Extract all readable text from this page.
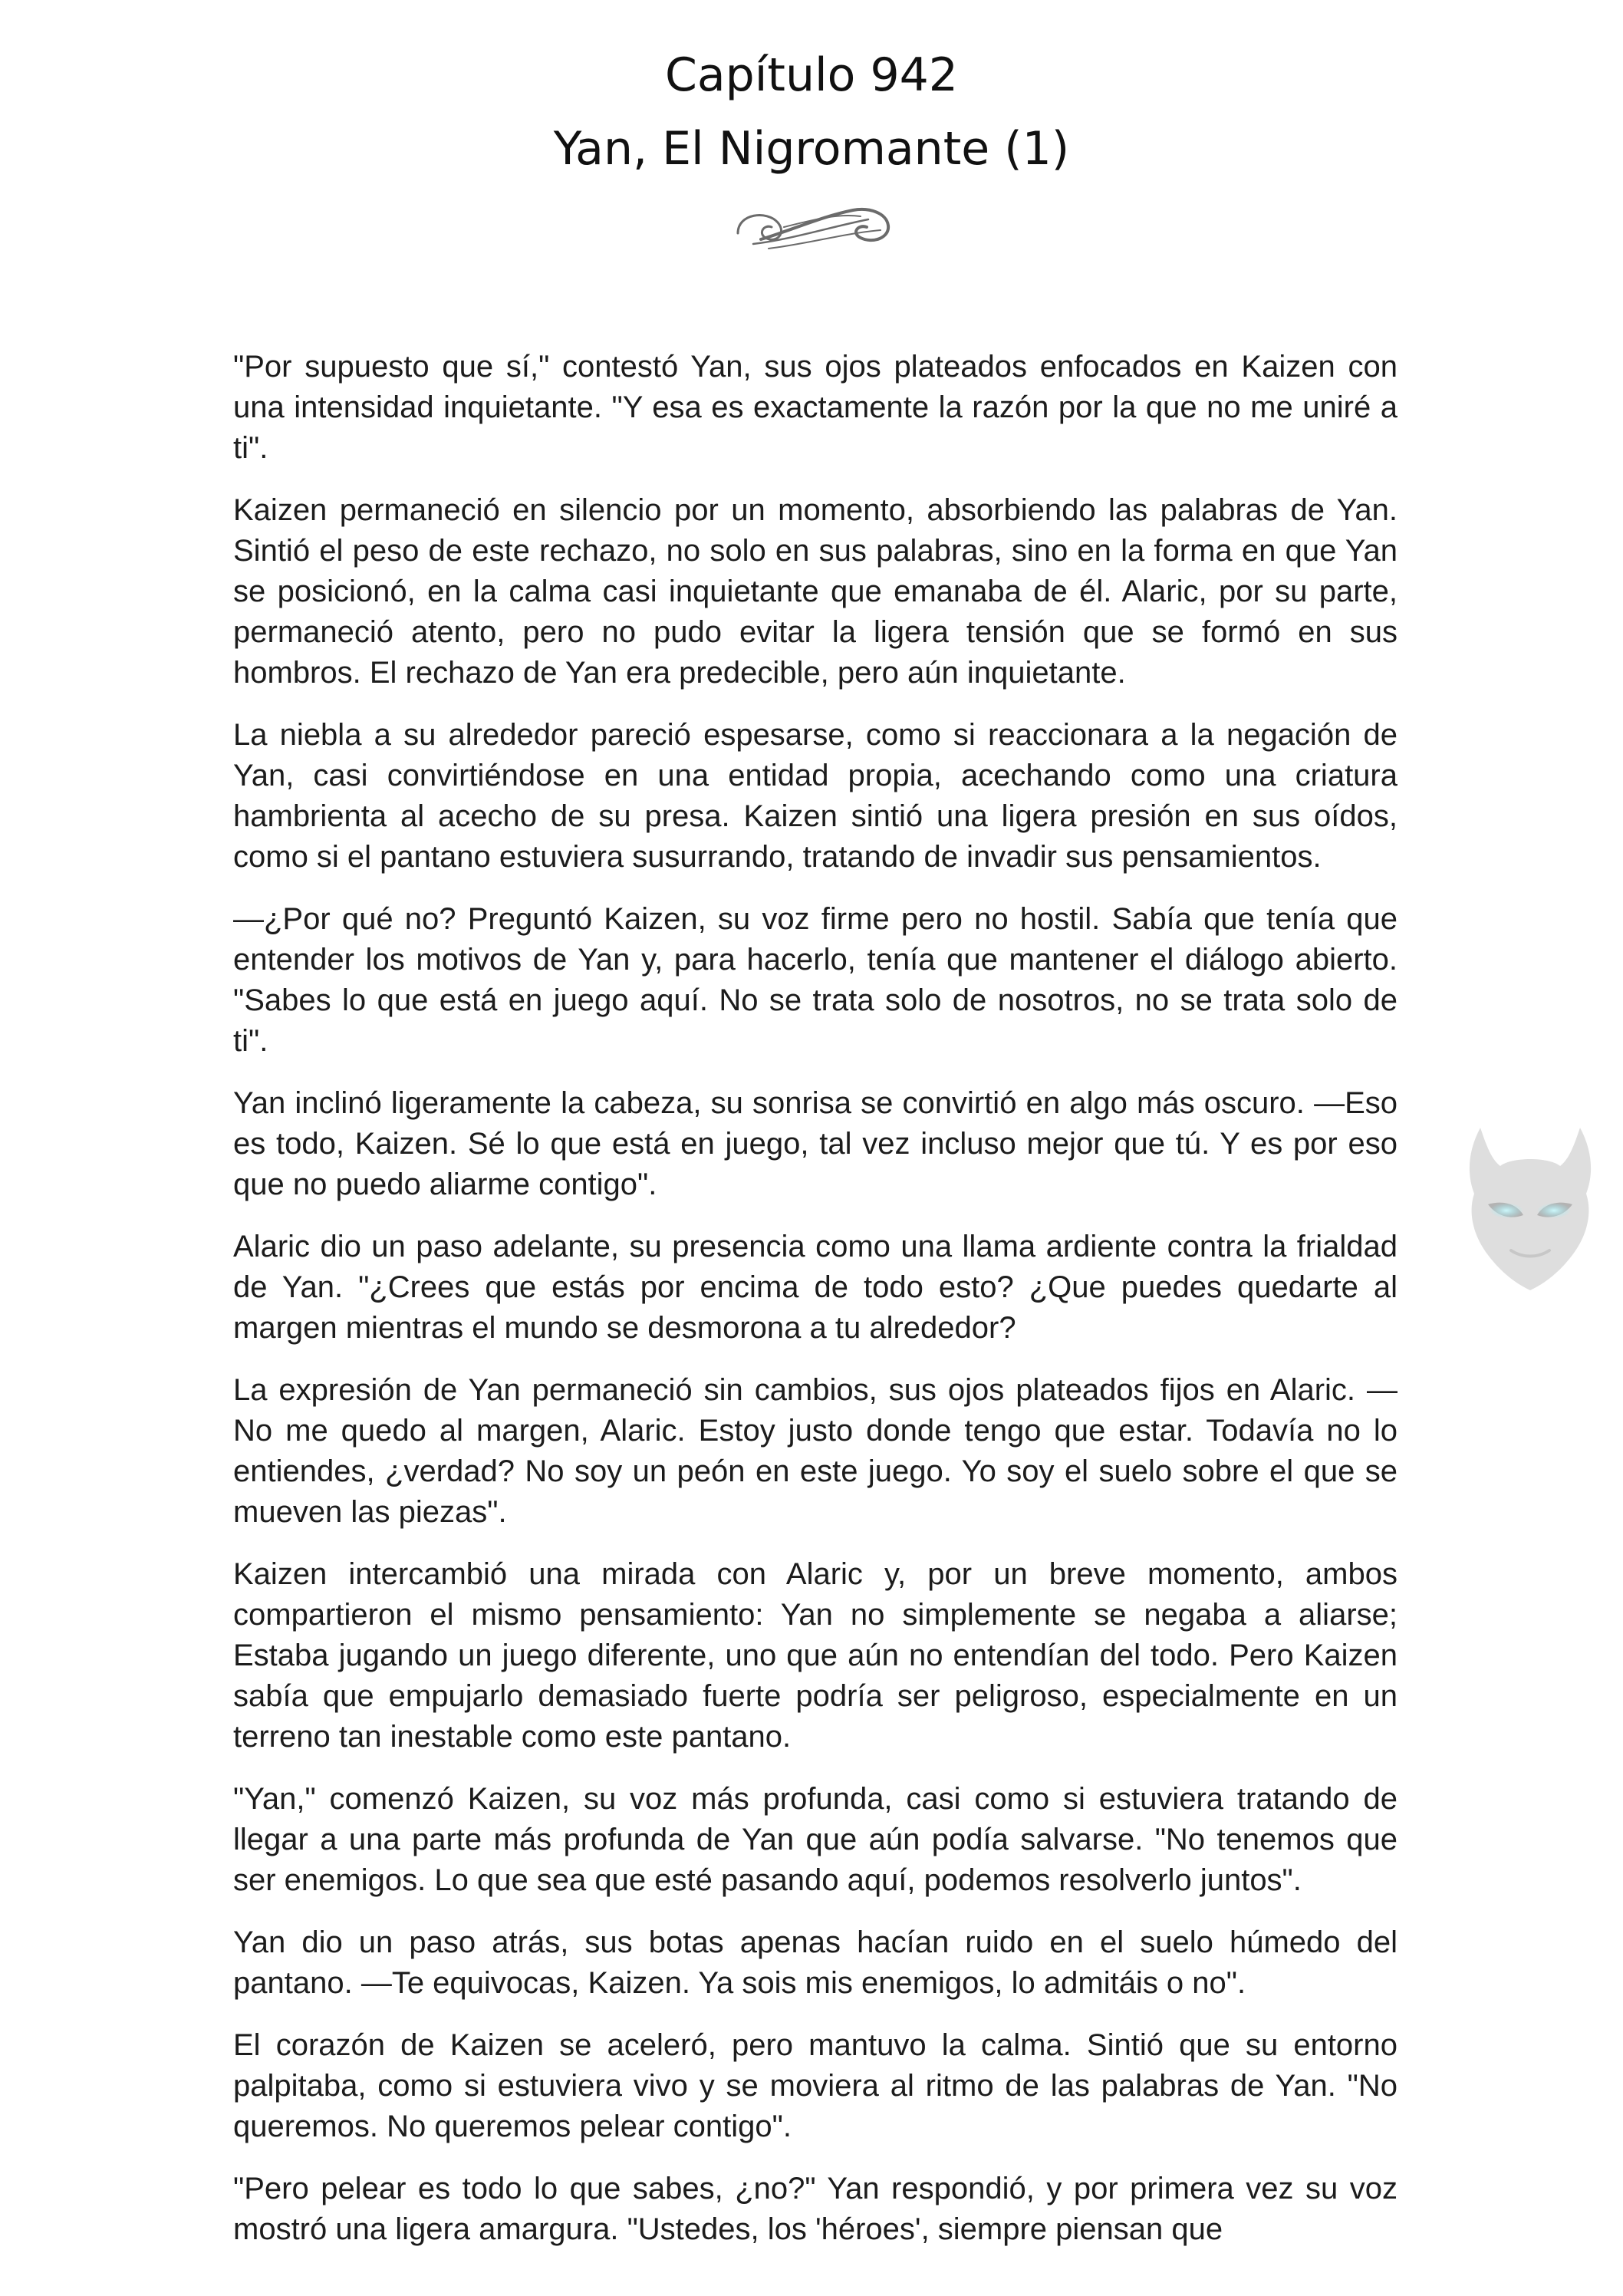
Capítulo 942
Yan, El Nigromante (1)

"Por supuesto que sí," contestó Yan, sus ojos plateados enfocados en Kaizen con una intensidad inquietante. "Y esa es exactamente la razón por la que no me uniré a ti".

Kaizen permaneció en silencio por un momento, absorbiendo las palabras de Yan. Sintió el peso de este rechazo, no solo en sus palabras, sino en la forma en que Yan se posicionó, en la calma casi inquietante que emanaba de él. Alaric, por su parte, permaneció atento, pero no pudo evitar la ligera tensión que se formó en sus hombros. El rechazo de Yan era predecible, pero aún inquietante.

La niebla a su alrededor pareció espesarse, como si reaccionara a la negación de Yan, casi convirtiéndose en una entidad propia, acechando como una criatura hambrienta al acecho de su presa. Kaizen sintió una ligera presión en sus oídos, como si el pantano estuviera susurrando, tratando de invadir sus pensamientos.

—¿Por qué no? Preguntó Kaizen, su voz firme pero no hostil. Sabía que tenía que entender los motivos de Yan y, para hacerlo, tenía que mantener el diálogo abierto. "Sabes lo que está en juego aquí. No se trata solo de nosotros, no se trata solo de ti".

Yan inclinó ligeramente la cabeza, su sonrisa se convirtió en algo más oscuro. —Eso es todo, Kaizen. Sé lo que está en juego, tal vez incluso mejor que tú. Y es por eso que no puedo aliarme contigo".

Alaric dio un paso adelante, su presencia como una llama ardiente contra la frialdad de Yan. "¿Crees que estás por encima de todo esto? ¿Que puedes quedarte al margen mientras el mundo se desmorona a tu alrededor?

La expresión de Yan permaneció sin cambios, sus ojos plateados fijos en Alaric. —No me quedo al margen, Alaric. Estoy justo donde tengo que estar. Todavía no lo entiendes, ¿verdad? No soy un peón en este juego. Yo soy el suelo sobre el que se mueven las piezas".

Kaizen intercambió una mirada con Alaric y, por un breve momento, ambos compartieron el mismo pensamiento: Yan no simplemente se negaba a aliarse; Estaba jugando un juego diferente, uno que aún no entendían del todo. Pero Kaizen sabía que empujarlo demasiado fuerte podría ser peligroso, especialmente en un terreno tan inestable como este pantano.

"Yan," comenzó Kaizen, su voz más profunda, casi como si estuviera tratando de llegar a una parte más profunda de Yan que aún podía salvarse. "No tenemos que ser enemigos. Lo que sea que esté pasando aquí, podemos resolverlo juntos".

Yan dio un paso atrás, sus botas apenas hacían ruido en el suelo húmedo del pantano. —Te equivocas, Kaizen. Ya sois mis enemigos, lo admitáis o no".

El corazón de Kaizen se aceleró, pero mantuvo la calma. Sintió que su entorno palpitaba, como si estuviera vivo y se moviera al ritmo de las palabras de Yan. "No queremos. No queremos pelear contigo".

"Pero pelear es todo lo que sabes, ¿no?" Yan respondió, y por primera vez su voz mostró una ligera amargura. "Ustedes, los 'héroes', siempre piensan que
